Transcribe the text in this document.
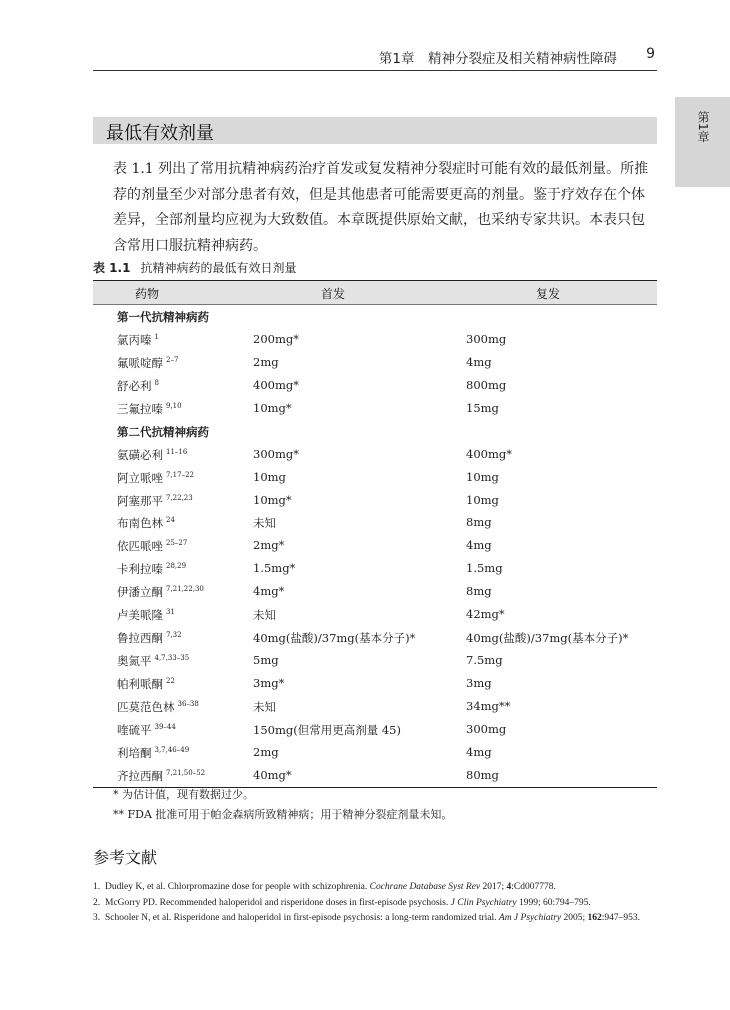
第1章　精神分裂症及相关精神病性障碍 9
第1章
最低有效剂量
表 1.1 列出了常用抗精神病药治疗首发或复发精神分裂症时可能有效的最低剂量。所推荐的剂量至少对部分患者有效，但是其他患者可能需要更高的剂量。鉴于疗效存在个体差异，全部剂量均应视为大致数值。本章既提供原始文献，也采纳专家共识。本表只包含常用口服抗精神病药。
表 1.1 抗精神病药的最低有效日剂量
药物	首发	复发
第一代抗精神病药
氯丙嗪 $^1$	200mg*	300mg
氟哌啶醇 $^{2-7}$	2mg	4mg
舒必利 $^8$	400mg*	800mg
三氟拉嗪 $^{9,10}$	10mg*	15mg
第二代抗精神病药
氨磺必利 $^{11-16}$	300mg*	400mg*
阿立哌唑 $^{7,17-22}$	10mg	10mg
阿塞那平 $^{7,22,23}$	10mg*	10mg
布南色林 $^{24}$	未知	8mg
依匹哌唑 $^{25-27}$	2mg*	4mg
卡利拉嗪 $^{28,29}$	1.5mg*	1.5mg
伊潘立酮 $^{7,21,22,30}$	4mg*	8mg
卢美哌隆 $^{31}$	未知	42mg*
鲁拉西酮 $^{7,32}$	40mg(盐酸)/37mg(基本分子)*	40mg(盐酸)/37mg(基本分子)*
奥氮平 $^{4,7,33-35}$	5mg	7.5mg
帕利哌酮 $^{22}$	3mg*	3mg
匹莫范色林 $^{36-38}$	未知	34mg**
喹硫平 $^{39-44}$	150mg(但常用更高剂量 45)	300mg
利培酮 $^{3,7,46-49}$	2mg	4mg
齐拉西酮 $^{7,21,50-52}$	40mg*	80mg
* 为估计值，现有数据过少。
** FDA 批准可用于帕金森病所致精神病；用于精神分裂症剂量未知。
参考文献
1. Dudley K, et al. Chlorpromazine dose for people with schizophrenia. Cochrane Database Syst Rev 2017; 4:Cd007778.
2. McGorry PD. Recommended haloperidol and risperidone doses in first-episode psychosis. J Clin Psychiatry 1999; 60:794–795.
3. Schooler N, et al. Risperidone and haloperidol in first-episode psychosis: a long-term randomized trial. Am J Psychiatry 2005; 162:947–953.
